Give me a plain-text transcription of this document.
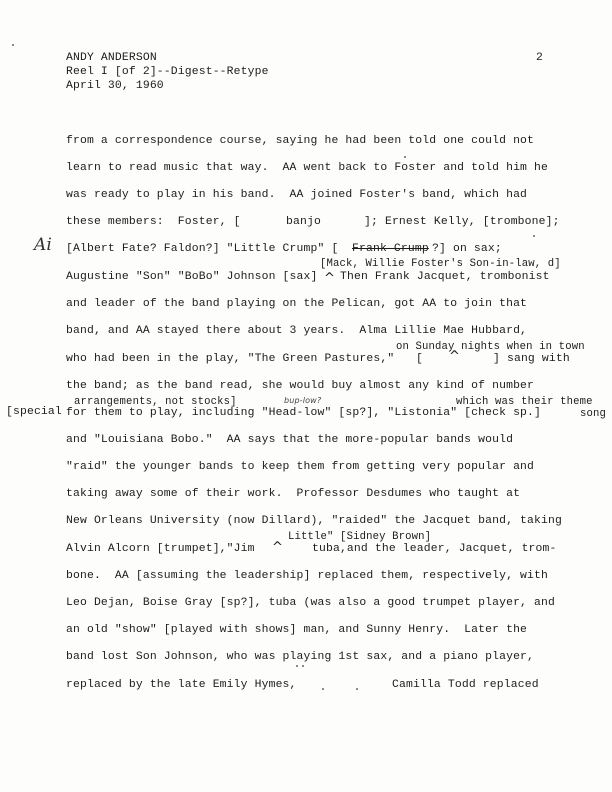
ANDY ANDERSON
Reel I [of 2]--Digest--Retype
April 30, 1960
2
from a correspondence course, saying he had been told one could not
learn to read music that way.  AA went back to Foster and told him he
was ready to play in his band.  AA joined Foster's band, which had
these members:  Foster, [	banjo	]; Ernest Kelly, [trombone];
Ai [Albert Fate? Faldon?] "Little Crump" [ Frank Crump ?] on sax;
[Mack, Willie Foster's Son-in-law, d]
Augustine "Son" "BoBo" Johnson [sax] ^ Then Frank Jacquet, trombonist
and leader of the band playing on the Pelican, got AA to join that
band, and AA stayed there about 3 years.  Alma Lillie Mae Hubbard,
on Sunday nights when in town
who had been in the play, "The Green Pastures," [ ^	] sang with
the band; as the band read, she would buy almost any kind of number
arrangements, not stocks]	bup-low?	which was their theme
[special for them to play, including "Head-low" [sp?], "Listonia" [check sp.]	song
and "Louisiana Bobo."  AA says that the more-popular bands would
"raid" the younger bands to keep them from getting very popular and
taking away some of their work.  Professor Desdumes who taught at
New Orleans University (now Dillard), "raided" the Jacquet band, taking
Little" [Sidney Brown]
Alvin Alcorn [trumpet],"Jim ^	tuba,and the leader, Jacquet, trom-
bone.  AA [assuming the leadership] replaced them, respectively, with
Leo Dejan, Boise Gray [sp?], tuba (was also a good trumpet player, and
an old "show" [played with shows] man, and Sunny Henry.  Later the
band lost Son Johnson, who was playing 1st sax, and a piano player,
replaced by the late Emily Hymes,	Camilla Todd replaced
